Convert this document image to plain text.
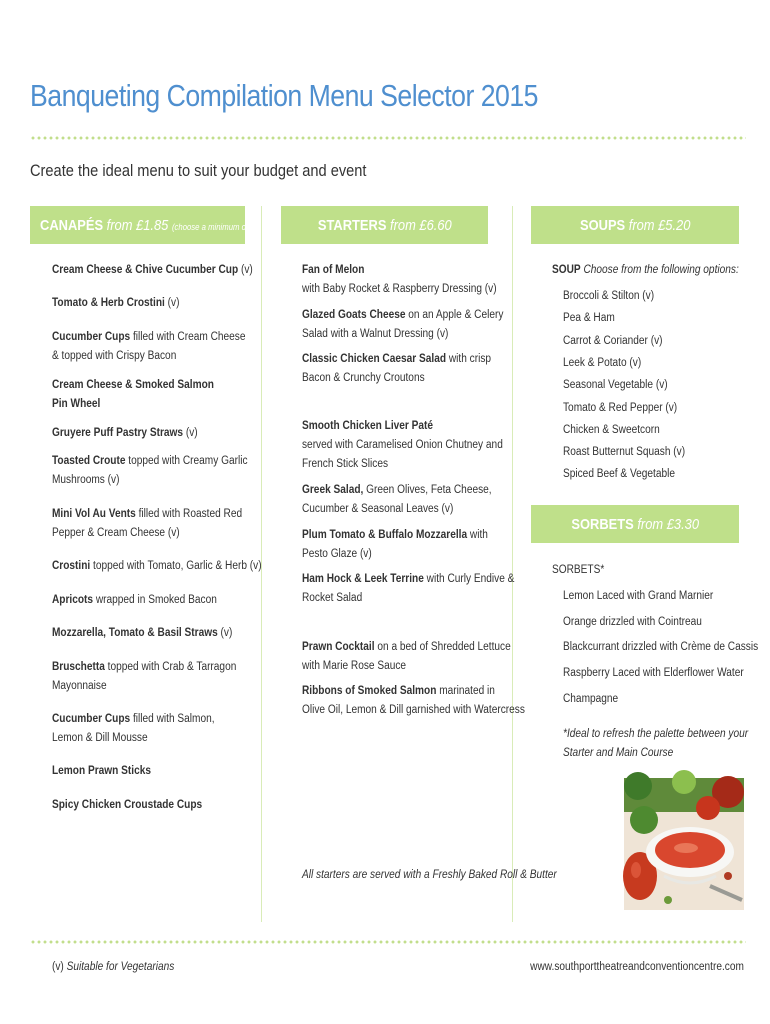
Banqueting Compilation Menu Selector 2015
Create the ideal menu to suit your budget and event
CANAPÉS from £1.85 (choose a minimum of 4)
Cream Cheese & Chive Cucumber Cup (v)
Tomato & Herb Crostini (v)
Cucumber Cups filled with Cream Cheese
& topped with Crispy Bacon
Cream Cheese & Smoked Salmon
Pin Wheel
Gruyere Puff Pastry Straws (v)
Toasted Croute topped with Creamy Garlic
Mushrooms (v)
Mini Vol Au Vents filled with Roasted Red
Pepper & Cream Cheese (v)
Crostini topped with Tomato, Garlic & Herb (v)
Apricots wrapped in Smoked Bacon
Mozzarella, Tomato & Basil Straws (v)
Bruschetta topped with Crab & Tarragon
Mayonnaise
Cucumber Cups filled with Salmon,
Lemon & Dill Mousse
Lemon Prawn Sticks
Spicy Chicken Croustade Cups
STARTERS from £6.60
Fan of Melon
with Baby Rocket & Raspberry Dressing (v)
Glazed Goats Cheese on an Apple & Celery
Salad with a Walnut Dressing (v)
Classic Chicken Caesar Salad with crisp
Bacon & Crunchy Croutons
Smooth Chicken Liver Paté
served with Caramelised Onion Chutney and
French Stick Slices
Greek Salad, Green Olives, Feta Cheese,
Cucumber & Seasonal Leaves (v)
Plum Tomato & Buffalo Mozzarella with
Pesto Glaze (v)
Ham Hock & Leek Terrine with Curly Endive &
Rocket Salad
Prawn Cocktail on a bed of Shredded Lettuce
with Marie Rose Sauce
Ribbons of Smoked Salmon marinated in
Olive Oil, Lemon & Dill garnished with Watercress
All starters are served with a Freshly Baked Roll & Butter
SOUPS from £5.20
SOUP Choose from the following options:
Broccoli & Stilton (v)
Pea & Ham
Carrot & Coriander (v)
Leek & Potato (v)
Seasonal Vegetable (v)
Tomato & Red Pepper (v)
Chicken & Sweetcorn
Roast Butternut Squash (v)
Spiced Beef & Vegetable
SORBETS from £3.30
SORBETS*
Lemon Laced with Grand Marnier
Orange drizzled with Cointreau
Blackcurrant drizzled with Crème de Cassis
Raspberry Laced with Elderflower Water
Champagne
*Ideal to refresh the palette between your
Starter and Main Course
(v) Suitable for Vegetarians	www.southporttheatreandconventioncentre.com
